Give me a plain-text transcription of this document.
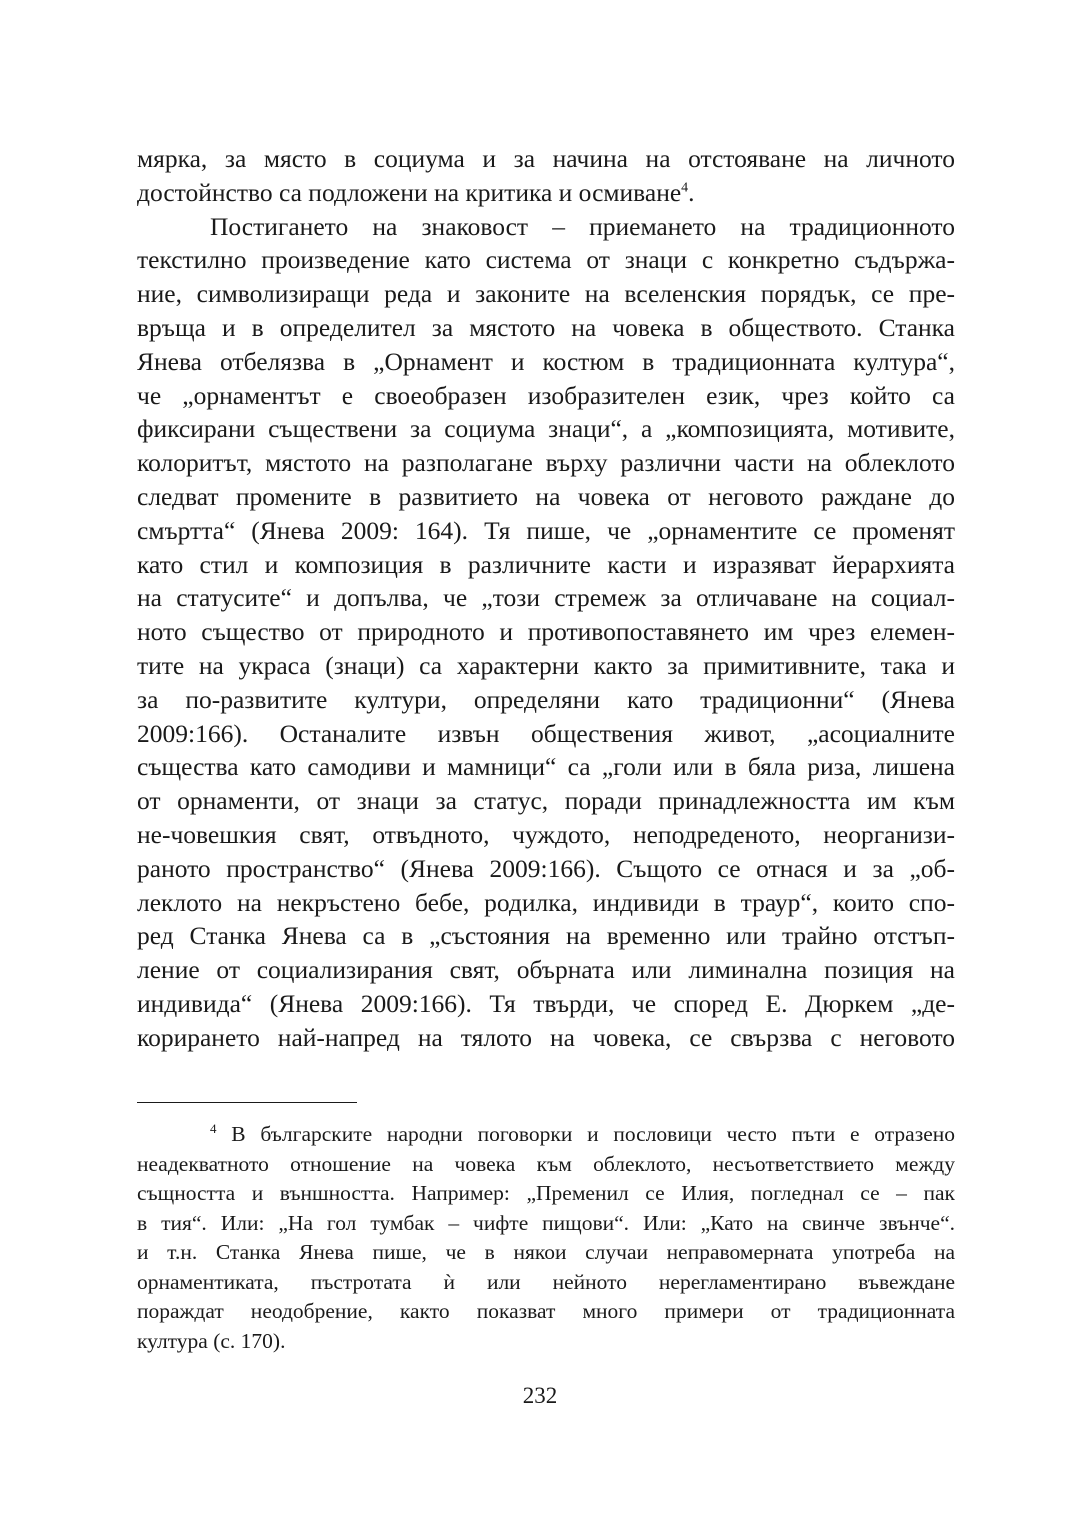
мярка, за място в социума и за начина на отстояване на личното
достойнство са подложени на критика и осмиване$^4$.
Постигането на знаковост – приемането на традиционното
текстилно произведение като система от знаци с конкретно съдържа-
ние, символизиращи реда и законите на вселенския порядък, се пре-
връща и в определител за мястото на човека в обществото. Станка
Янева отбелязва в „Орнамент и костюм в традиционната култура“,
че „орнаментът е своеобразен изобразителен език, чрез който са
фиксирани съществени за социума знаци“, а „композицията, мотивите,
колоритът, мястото на разполагане върху различни части на облеклото
следват промените в развитието на човека от неговото раждане до
смъртта“ (Янева 2009: 164). Тя пише, че „орнаментите се променят
като стил и композиция в различните касти и изразяват йерархията
на статусите“ и допълва, че „този стремеж за отличаване на социал-
ното същество от природното и противопоставянето им чрез елемен-
тите на украса (знаци) са характерни както за примитивните, така и
за по-развитите култури, определяни като традиционни“ (Янева
2009:166). Останалите извън обществения живот, „асоциалните
същества като самодиви и мамници“ са „голи или в бяла риза, лишена
от орнаменти, от знаци за статус, поради принадлежността им към
не-човешкия свят, отвъдното, чуждото, неподреденото, неорганизи-
раното пространство“ (Янева 2009:166). Същото се отнася и за „об-
леклото на некръстено бебе, родилка, индивиди в траур“, които спо-
ред Станка Янева са в „състояния на временно или трайно отстъп-
ление от социализирания свят, обърната или лиминална позиция на
индивида“ (Янева 2009:166). Тя твърди, че според Е. Дюркем „де-
корирането най-напред на тялото на човека, се свързва с неговото
$^4$ В българските народни поговорки и пословици често пъти е отразено
неадекватното отношение на човека към облеклото, несъответствието между
същността и външността. Например: „Пременил се Илия, погледнал се – пак
в тия“. Или: „На гол тумбак – чифте пищови“. Или: „Като на свинче звънче“.
и т.н. Станка Янева пише, че в някои случаи неправомерната употреба на
орнаментиката, пъстротата ѝ или нейното нерегламентирано въвеждане
пораждат неодобрение, както показват много примери от традиционната
култура (с. 170).
232
